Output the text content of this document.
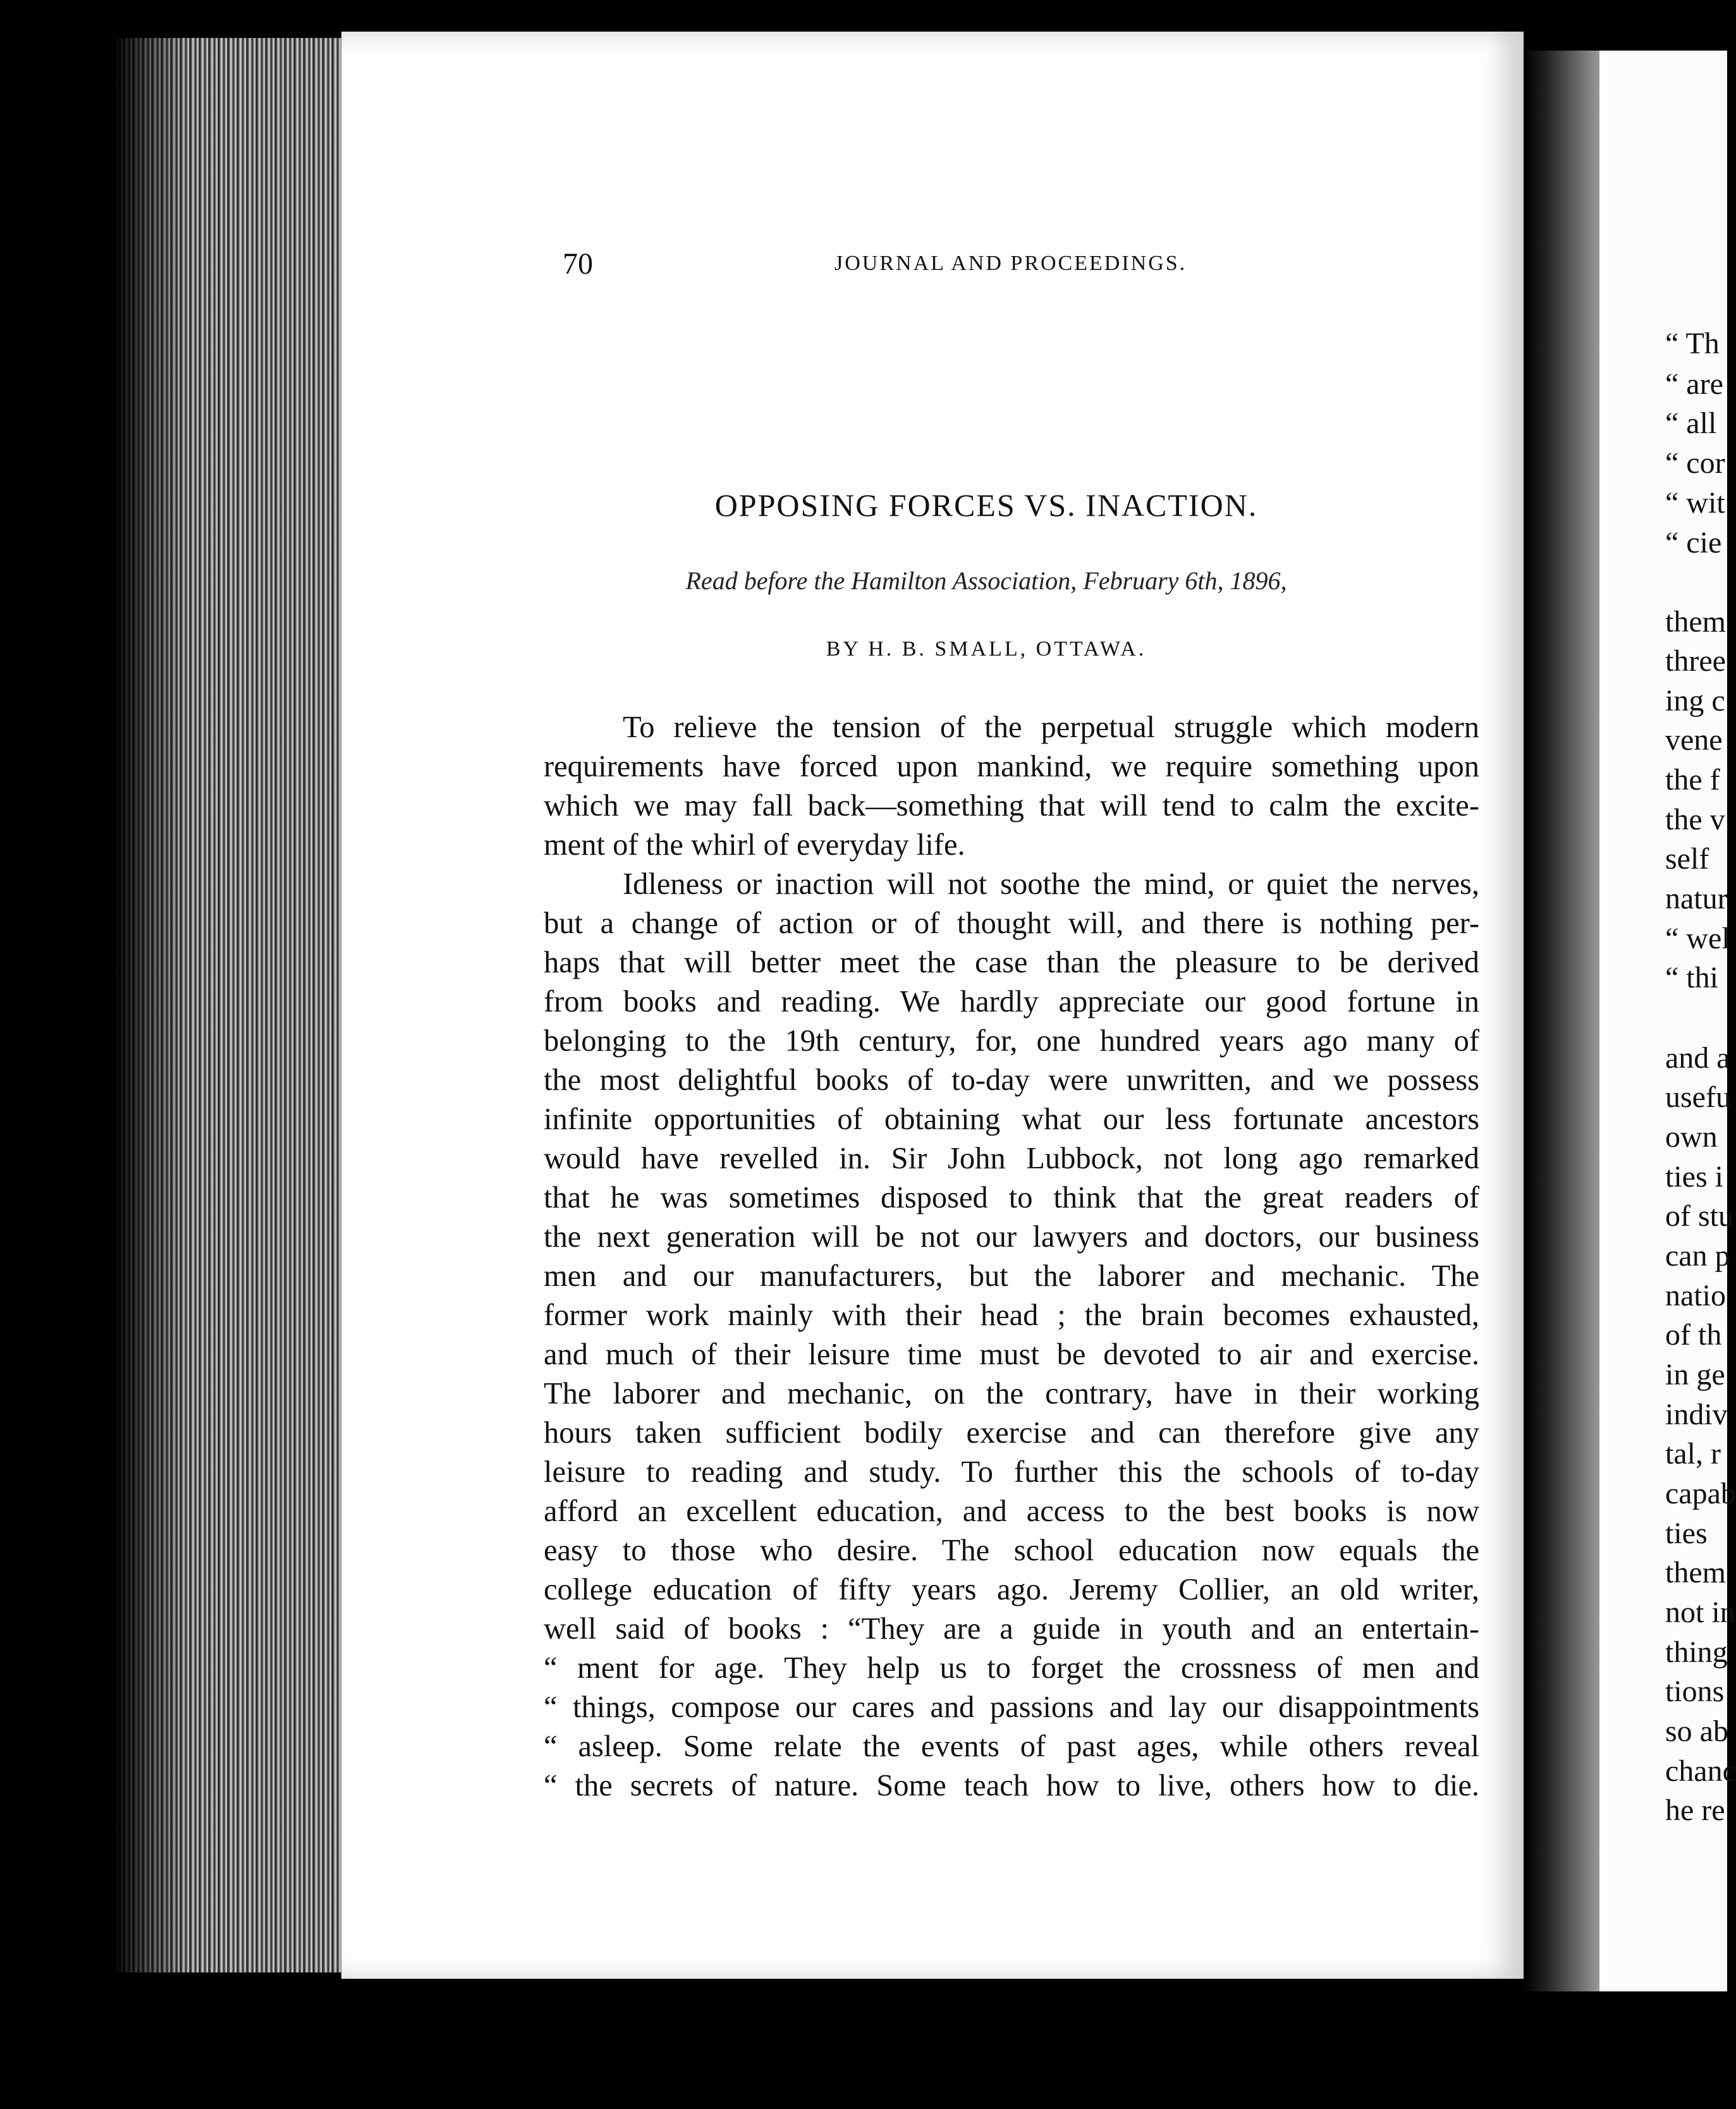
“ Th
“ are
“ all
“ cor
“ wit
“ cie
them
three
ing c
vene
the f
the v
self
natur
“ wel
“ thi
and a
usefu
own
ties i
of stu
can p
natio
of th
in ge
indiv
tal, r
capab
ties
them
not in
thing
tions
so ab
chanc
he re
70	JOURNAL AND PROCEEDINGS.
OPPOSING FORCES VS. INACTION.
Read before the Hamilton Association, February 6th, 1896,
BY H. B. SMALL, OTTAWA.
To relieve the tension of the perpetual struggle which modern
requirements have forced upon mankind, we require something upon
which we may fall back—something that will tend to calm the excite-
ment of the whirl of everyday life.
Idleness or inaction will not soothe the mind, or quiet the nerves,
but a change of action or of thought will, and there is nothing per-
haps that will better meet the case than the pleasure to be derived
from books and reading. We hardly appreciate our good fortune in
belonging to the 19th century, for, one hundred years ago many of
the most delightful books of to-day were unwritten, and we possess
infinite opportunities of obtaining what our less fortunate ancestors
would have revelled in. Sir John Lubbock, not long ago remarked
that he was sometimes disposed to think that the great readers of
the next generation will be not our lawyers and doctors, our business
men and our manufacturers, but the laborer and mechanic. The
former work mainly with their head ; the brain becomes exhausted,
and much of their leisure time must be devoted to air and exercise.
The laborer and mechanic, on the contrary, have in their working
hours taken sufficient bodily exercise and can therefore give any
leisure to reading and study. To further this the schools of to-day
afford an excellent education, and access to the best books is now
easy to those who desire. The school education now equals the
college education of fifty years ago. Jeremy Collier, an old writer,
well said of books : “They are a guide in youth and an entertain-
“ ment for age. They help us to forget the crossness of men and
“ things, compose our cares and passions and lay our disappointments
“ asleep. Some relate the events of past ages, while others reveal
“ the secrets of nature. Some teach how to live, others how to die.
